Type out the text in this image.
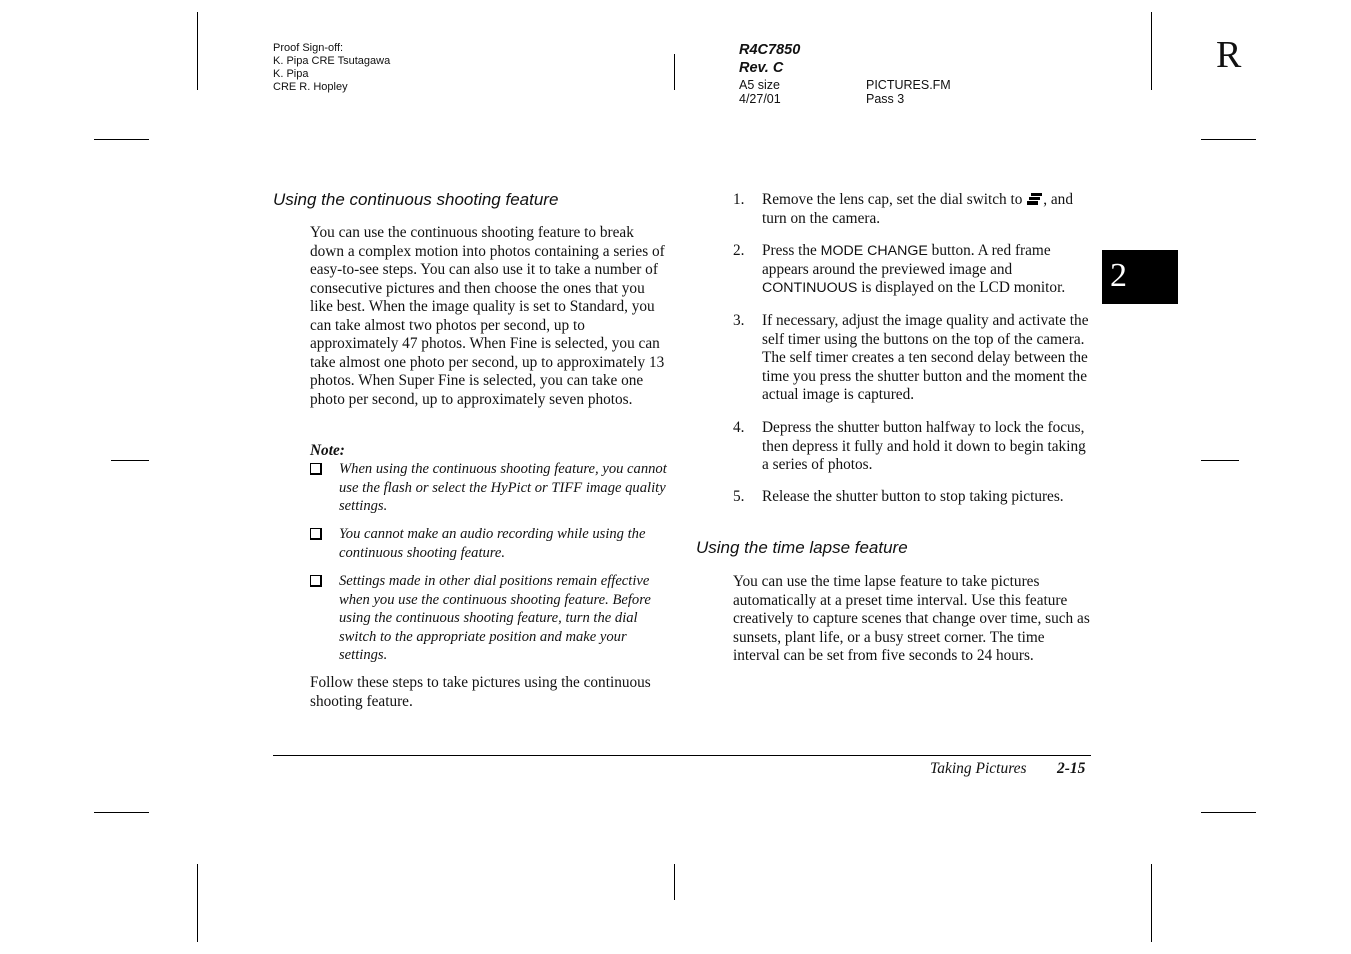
R
Proof Sign-off:
K. Pipa CRE Tsutagawa
K. Pipa
CRE R. Hopley
R4C7850
Rev. C
A5 size
4/27/01
PICTURES.FM
Pass 3
2
Using the continuous shooting feature

You can use the continuous shooting feature to break down a complex motion into photos containing a series of easy-to-see steps. You can also use it to take a number of consecutive pictures and then choose the ones that you like best. When the image quality is set to Standard, you can take almost two photos per second, up to approximately 47 photos. When Fine is selected, you can take almost one photo per second, up to approximately 13 photos. When Super Fine is selected, you can take one photo per second, up to approximately seven photos.

Note:

When using the continuous shooting feature, you cannot use the flash or select the HyPict or TIFF image quality settings.

You cannot make an audio recording while using the continuous shooting feature.

Settings made in other dial positions remain effective when you use the continuous shooting feature. Before using the continuous shooting feature, turn the dial switch to the appropriate position and make your settings.

Follow these steps to take pictures using the continuous shooting feature.

1. Remove the lens cap, set the dial switch to , and turn on the camera.

2. Press the MODE CHANGE button. A red frame appears around the previewed image and CONTINUOUS is displayed on the LCD monitor.

3. If necessary, adjust the image quality and activate the self timer using the buttons on the top of the camera. The self timer creates a ten second delay between the time you press the shutter button and the moment the actual image is captured.

4. Depress the shutter button halfway to lock the focus, then depress it fully and hold it down to begin taking a series of photos.

5. Release the shutter button to stop taking pictures.

Using the time lapse feature

You can use the time lapse feature to take pictures automatically at a preset time interval. Use this feature creatively to capture scenes that change over time, such as sunsets, plant life, or a busy street corner. The time interval can be set from five seconds to 24 hours.

Taking Pictures 2-15
